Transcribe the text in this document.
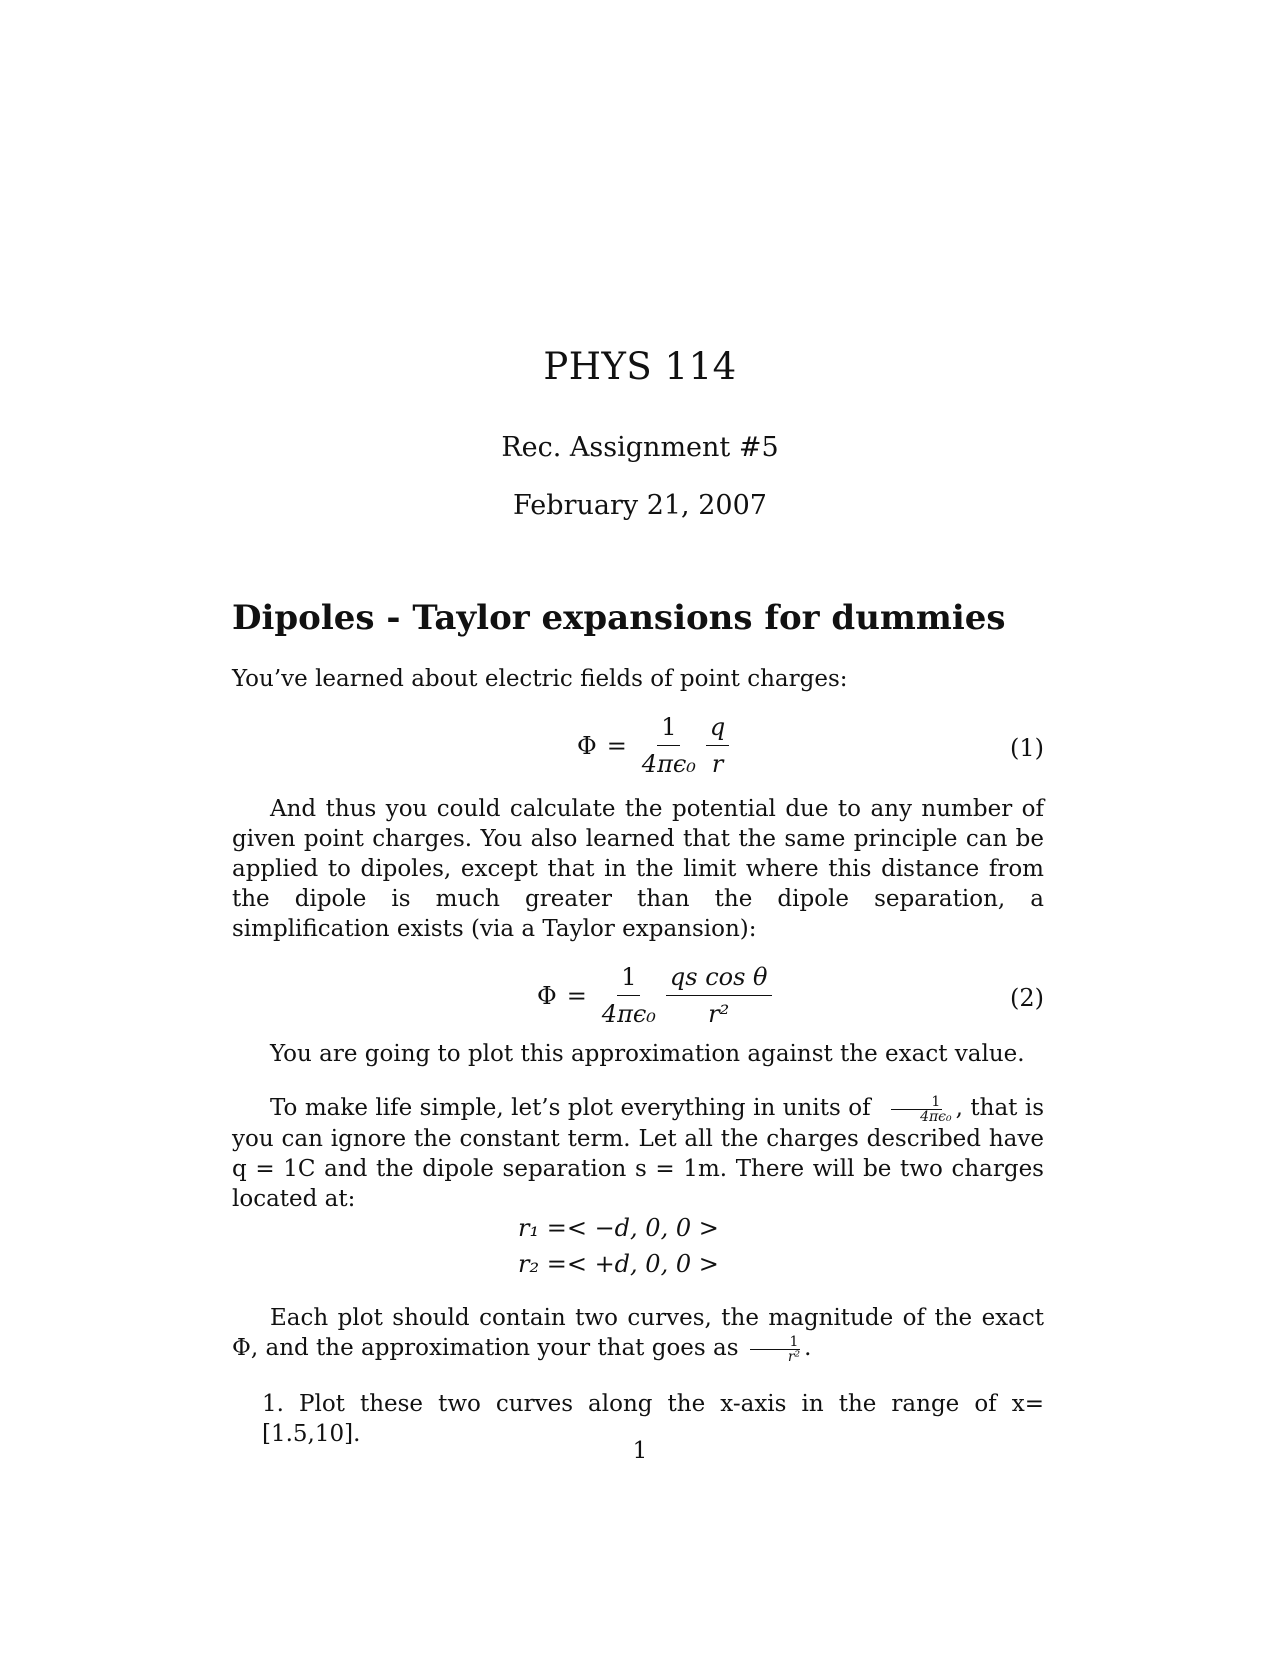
PHYS 114
Rec. Assignment #5
February 21, 2007
Dipoles - Taylor expansions for dummies
You’ve learned about electric fields of point charges:
$\Phi = \frac{1}{\text{4πϵ₀}} \frac{q}{r}$	(1)
And thus you could calculate the potential due to any number of given point charges. You also learned that the same principle can be applied to dipoles, except that in the limit where this distance from the dipole is much greater than the dipole separation, a simplification exists (via a Taylor expansion):
$\Phi = \frac{1}{\text{4πϵ₀}} \frac{\text{qs cos θ}}{\text{r²}}$	(2)
You are going to plot this approximation against the exact value.
To make life simple, let’s plot everything in units of $\frac{1}{\text{4πϵ₀}}$ , that is you can ignore the constant term. Let all the charges described have q = 1C and the dipole separation s = 1m. There will be two charges located at:
r₁ =< −d, 0, 0 >
r₂ =< +d, 0, 0 >
Each plot should contain two curves, the magnitude of the exact Φ, and the approximation your that goes as $\frac{1}{\text{r²}}$ .
1. Plot these two curves along the x-axis in the range of x=[1.5,10].
1
